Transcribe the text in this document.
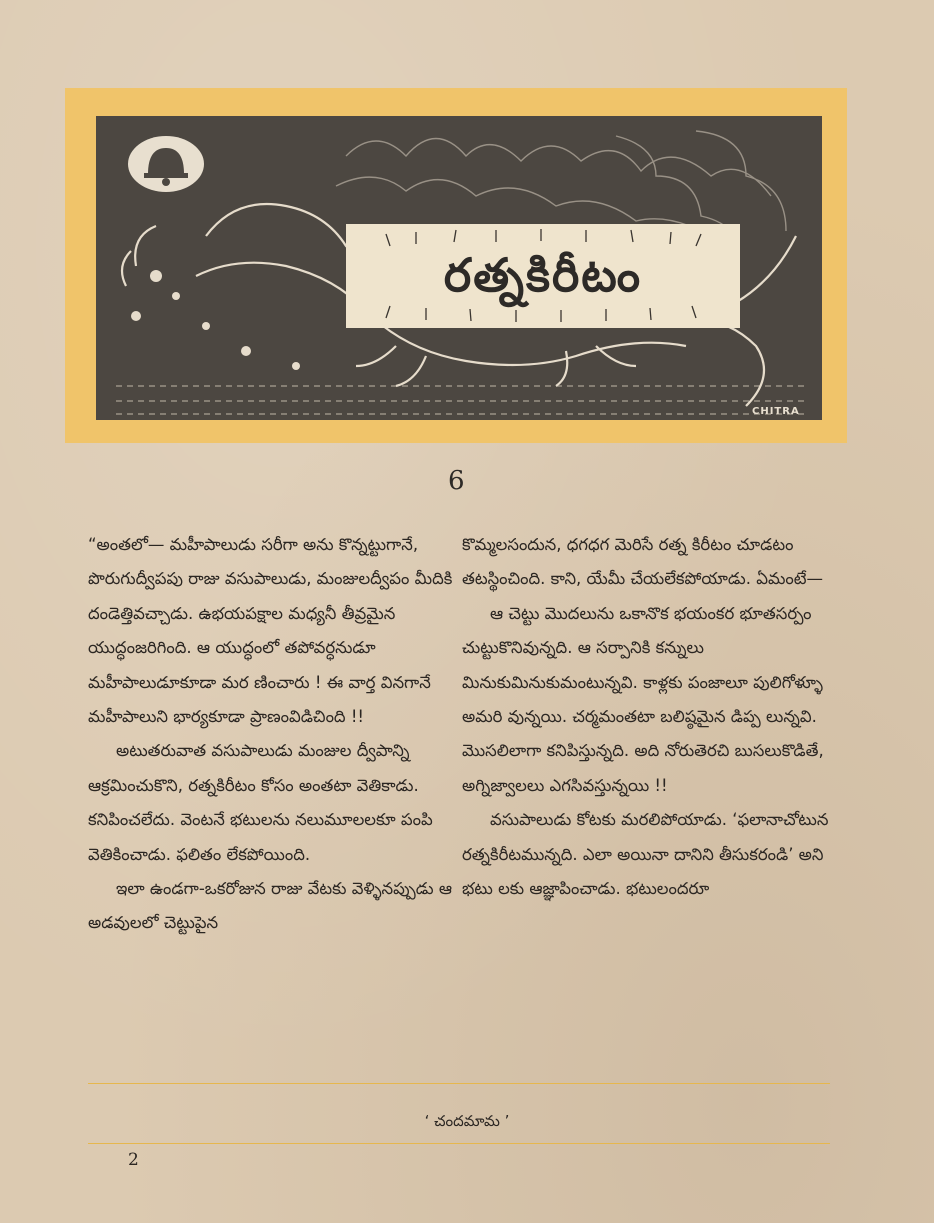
రత్నకిరీటం
CHITRA
6

“అంతలో— మహీపాలుడు సరీగా అను కొన్నట్టుగానే, పొరుగుద్వీపపు రాజు వసుపాలుడు, మంజులద్వీపం మీదికి దండెత్తివచ్చాడు. ఉభయపక్షాల మధ్యనీ తీవ్రమైన యుద్ధంజరిగింది. ఆ యుద్ధంలో తపోవర్ధనుడూ మహీపాలుడూకూడా మర ణించారు ! ఈ వార్త వినగానే మహీపాలుని భార్యకూడా ప్రాణంవిడిచింది !!

అటుతరువాత వసుపాలుడు మంజుల ద్వీపాన్ని ఆక్రమించుకొని, రత్నకిరీటం కోసం అంతటా వెతికాడు. కనిపించలేదు. వెంటనే భటులను నలుమూలలకూ పంపి వెతికించాడు. ఫలితం లేకపోయింది.

ఇలా ఉండగా-ఒకరోజున రాజు వేటకు వెళ్ళినప్పుడు ఆ అడవులలో చెట్టుపైన

కొమ్మలసందున, ధగధగ మెరిసే రత్న కిరీటం చూడటం తటస్థించింది. కాని, యేమీ చేయలేకపోయాడు. ఏమంటే—

ఆ చెట్టు మొదలును ఒకానొక భయంకర భూతసర్పం చుట్టుకొనివున్నది. ఆ సర్పానికి కన్నులు మినుకుమినుకుమంటున్నవి. కాళ్లకు పంజాలూ పులిగోళ్ళూ అమరి వున్నయి. చర్మమంతటా బలిష్ఠమైన డిప్ప లున్నవి. మొసలిలాగా కనిపిస్తున్నది. అది నోరుతెరచి బుసలుకొడితే, అగ్నిజ్వాలలు ఎగసివస్తున్నయి !!

వసుపాలుడు కోటకు మరలిపోయాడు. ‘ఫలానాచోటున రత్నకిరీటమున్నది. ఎలా అయినా దానిని తీసుకరండి’ అని భటు లకు ఆజ్ఞాపించాడు. భటులందరూ

‘ చందమామ ’
2
